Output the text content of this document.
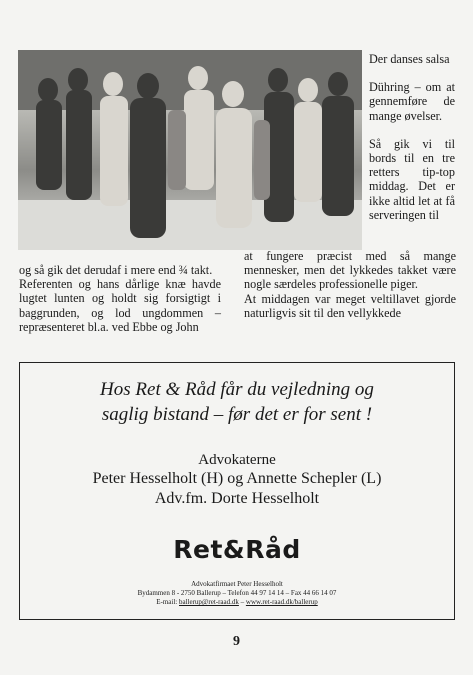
Der danses salsa

Dühring – om at gennemføre de mange øvelser.

Så gik vi til bords til en tre retters tip-top middag. Det er ikke altid let at få serveringen til

og så gik det derudaf i mere end ¾ takt.

Referenten og hans dårlige knæ havde lugtet lunten og holdt sig forsigtigt i baggrunden, og lod ungdommen – repræsenteret bl.a. ved Ebbe og John

at fungere præcist med så mange mennesker, men det lykkedes takket være nogle særdeles professionelle piger.

At middagen var meget veltillavet gjorde naturligvis sit til den vellykkede

Hos Ret & Råd får du vejledning og
saglig bistand – før det er for sent !
Advokaterne
Peter Hesselholt (H) og Annette Schepler (L)
Adv.fm. Dorte Hesselholt
Ret&Råd
Advokatfirmaet Peter Hesselholt
Bydammen 8 - 2750 Ballerup – Telefon 44 97 14 14 – Fax 44 66 14 07
E-mail: ballerup@ret-raad.dk – www.ret-raad.dk/ballerup
9
